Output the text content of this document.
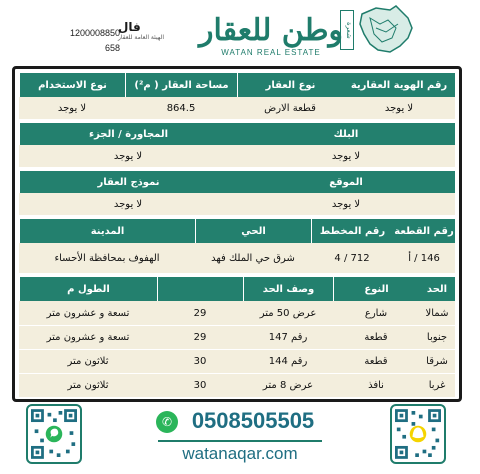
شعرة
وطن للعقار
WATAN REAL ESTATE
فال
الهيئة العامة للعقار
1200008850
658
رقم الهوية العقارية
نوع العقار
مساحة العقار ( م²)
نوع الاستخدام
لا يوجد
قطعة الارض
864.5
لا يوجد
البلك
المجاورة / الجزء
لا يوجد
لا يوجد
الموقع
نموذج العقار
لا يوجد
لا يوجد
رقم القطعة
رقم المخطط
الحي
المدينة
146 / أ
4 / 712
شرق حي الملك فهد
الهفوف بمحافظة الأحساء
الحد
النوع
وصف الحد
الطول م
شمالا
شارع
عرض 50 متر
29
تسعة و عشرون متر
جنوبا
قطعة
رقم 147
29
تسعة و عشرون متر
شرقا
قطعة
رقم 144
30
ثلاثون متر
غربا
نافذ
عرض 8 متر
30
ثلاثون متر
✆ 0508505505
watanaqar.com
